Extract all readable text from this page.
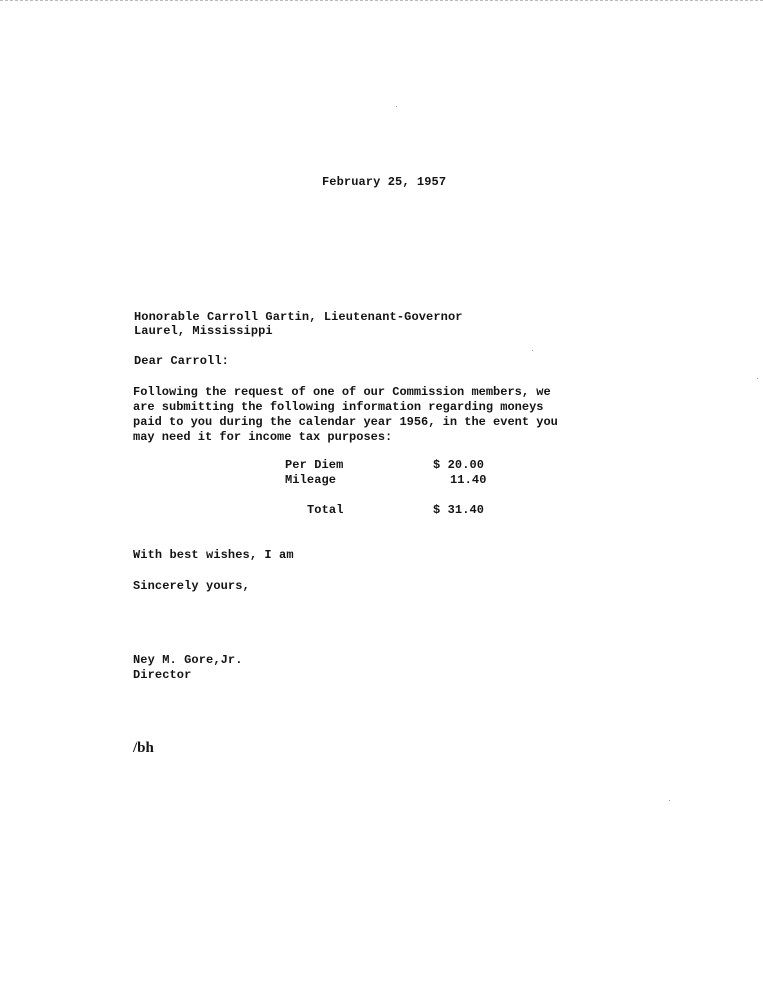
February 25, 1957
Honorable Carroll Gartin, Lieutenant-Governor
Laurel, Mississippi
Dear Carroll:
Following the request of one of our Commission members, we
are submitting the following information regarding moneys
paid to you during the calendar year 1956, in the event you
may need it for income tax purposes:
Per Diem	$ 20.00
Mileage	11.40
Total	$ 31.40
With best wishes, I am
Sincerely yours,
Ney M. Gore,Jr.
Director
/bh
